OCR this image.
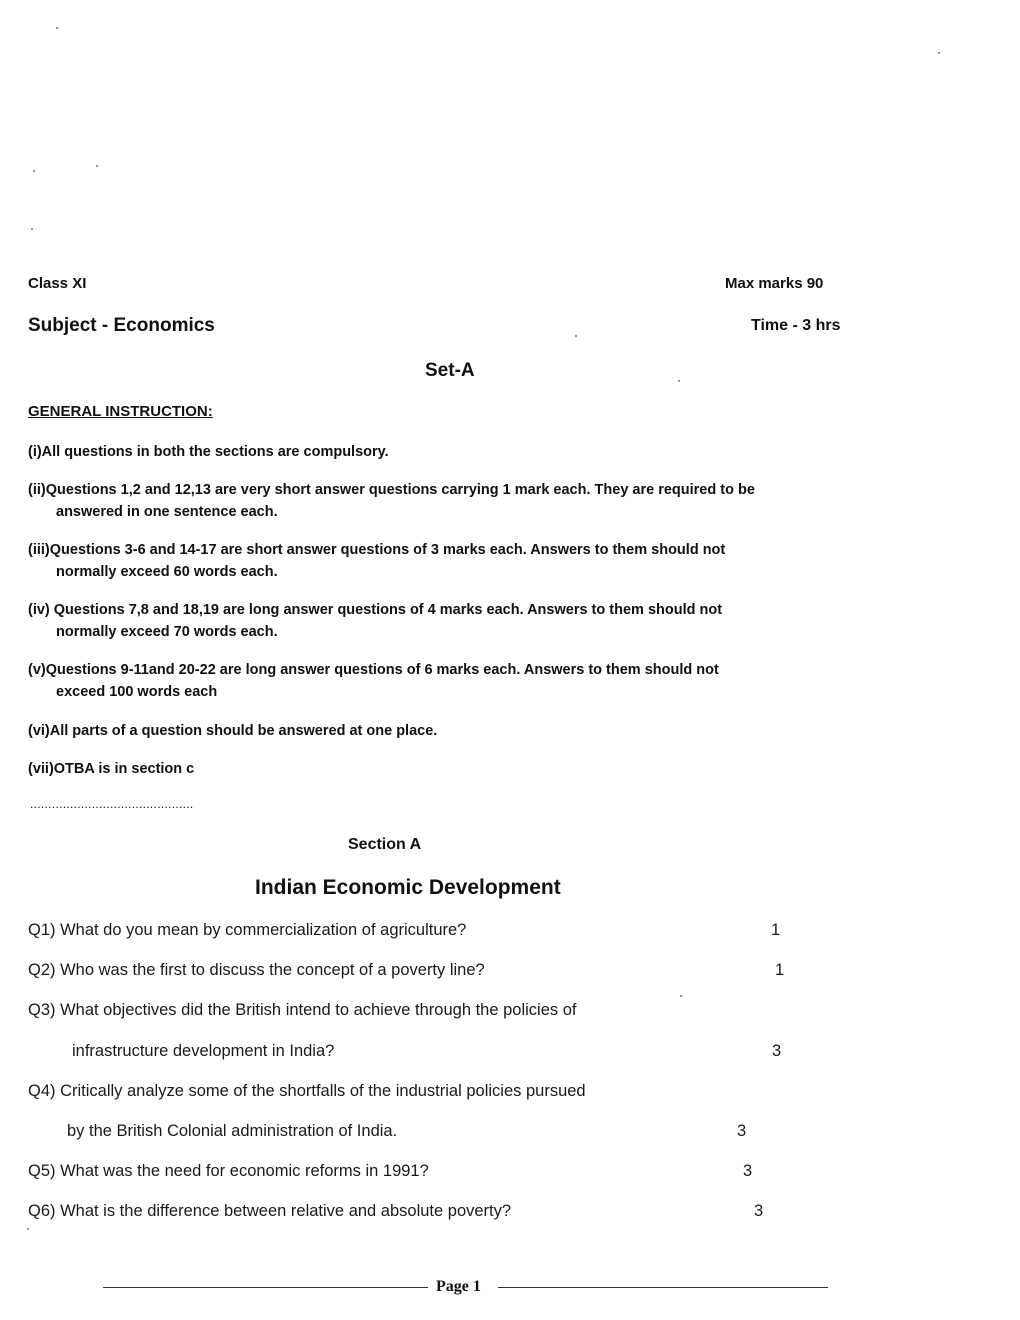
Class XI	Max marks 90
Subject - Economics	Time - 3 hrs
Set-A
GENERAL INSTRUCTION:
(i)All questions in both the sections are compulsory.
(ii)Questions 1,2 and 12,13 are very short answer questions carrying 1 mark each. They are required to be
answered in one sentence each.
(iii)Questions 3-6 and 14-17 are short answer questions of 3 marks each. Answers to them should not
normally exceed 60 words each.
(iv) Questions 7,8 and 18,19 are long answer questions of 4 marks each. Answers to them should not
normally exceed 70 words each.
(v)Questions 9-11and 20-22 are long answer questions of 6 marks each. Answers to them should not
exceed 100 words each
(vi)All parts of a question should be answered at one place.
(vii)OTBA is in section c
.............................................
Section A
Indian Economic Development
Q1) What do you mean by commercialization of agriculture?	1
Q2) Who was the first to discuss the concept of a poverty line?	1
Q3) What objectives did the British intend to achieve through the policies of
infrastructure development in India?	3
Q4) Critically analyze some of the shortfalls of the industrial policies pursued
by the British Colonial administration of India.	3
Q5) What was the need for economic reforms in 1991?	3
Q6) What is the difference between relative and absolute poverty?	3
Page 1
